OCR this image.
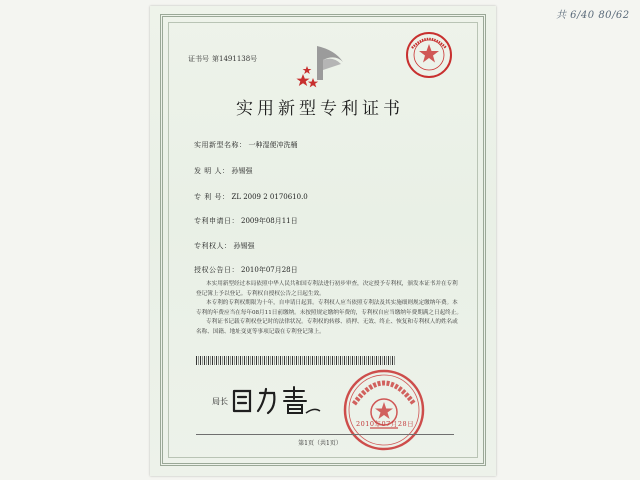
共 6/40 80/62
证书号 第1491138号
实用新型专利证书
实用新型名称： 一种湿便冲洗桶
发 明 人： 孙锡强
专 利 号： ZL 2009 2 0170610.0
专利申请日： 2009年08月11日
专利权人： 孙锡强
授权公告日： 2010年07月28日

本实用新型经过本局依照中华人民共和国专利法进行初步审查，决定授予专利权，颁发本证书并在专利登记簿上予以登记。专利权自授权公告之日起生效。

本专利的专利权期限为十年，自申请日起算。专利权人应当依照专利法及其实施细则规定缴纳年费。本专利的年费应当在每年08月11日前缴纳。未按照规定缴纳年费的，专利权自应当缴纳年费期满之日起终止。

专利证书记载专利权登记时的法律状况。专利权的转移、质押、无效、终止、恢复和专利权人的姓名或名称、国籍、地址变更等事项记载在专利登记簿上。

局长
2010年07月28日
第1页（共1页）
